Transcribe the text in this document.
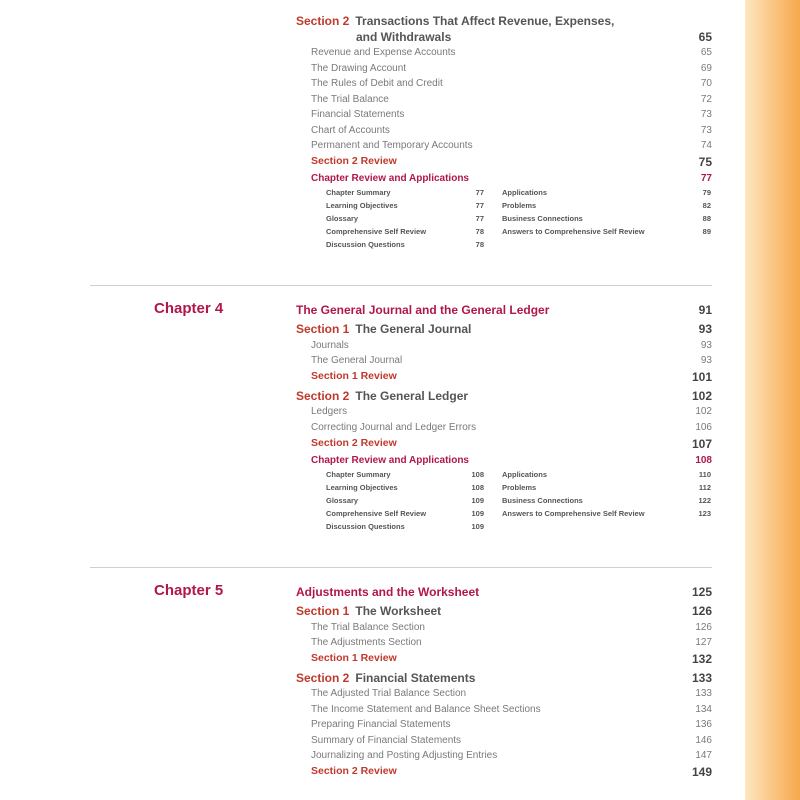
Section 2 Transactions That Affect Revenue, Expenses,
and Withdrawals	65
Revenue and Expense Accounts	65
The Drawing Account	69
The Rules of Debit and Credit	70
The Trial Balance	72
Financial Statements	73
Chart of Accounts	73
Permanent and Temporary Accounts	74
Section 2 Review	75
Chapter Review and Applications	77
Chapter Summary	77
Learning Objectives	77
Glossary	77
Comprehensive Self Review	78
Discussion Questions	78
Applications	79
Problems	82
Business Connections	88
Answers to Comprehensive Self Review	89
Chapter 4	The General Journal and the General Ledger	91
Section 1 The General Journal	93
Journals	93
The General Journal	93
Section 1 Review	101
Section 2 The General Ledger	102
Ledgers	102
Correcting Journal and Ledger Errors	106
Section 2 Review	107
Chapter Review and Applications	108
Chapter Summary	108
Learning Objectives	108
Glossary	109
Comprehensive Self Review	109
Discussion Questions	109
Applications	110
Problems	112
Business Connections	122
Answers to Comprehensive Self Review	123
Chapter 5	Adjustments and the Worksheet	125
Section 1 The Worksheet	126
The Trial Balance Section	126
The Adjustments Section	127
Section 1 Review	132
Section 2 Financial Statements	133
The Adjusted Trial Balance Section	133
The Income Statement and Balance Sheet Sections	134
Preparing Financial Statements	136
Summary of Financial Statements	146
Journalizing and Posting Adjusting Entries	147
Section 2 Review	149
